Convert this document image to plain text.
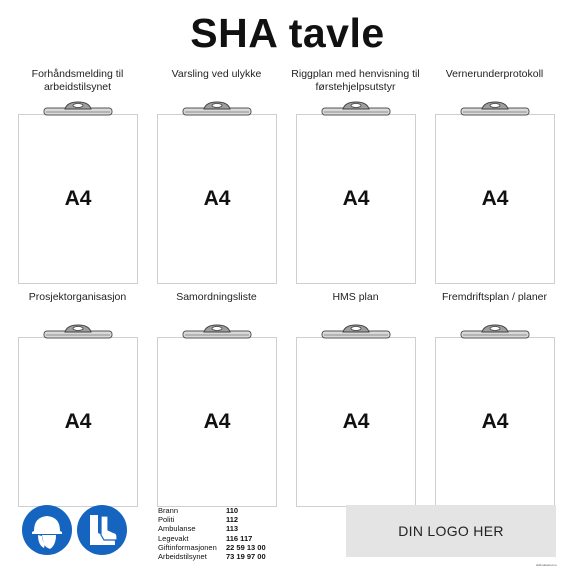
SHA tavle
Forhåndsmelding til arbeidstilsynet
A4
Varsling ved ulykke
A4
Riggplan med henvisning til førstehjelpsutstyr
A4
Vernerunderprotokoll
A4
Prosjektorganisasjon
A4
Samordningsliste
A4
HMS plan
A4
Fremdriftsplan / planer
A4
Brann	110
Politi	112
Ambulanse	113
Legevakt	116 117
Giftinformasjonen	22 59 13 00
Arbeidstilsynet	73 19 97 00
DIN LOGO HER
skiltmakeriet.no
